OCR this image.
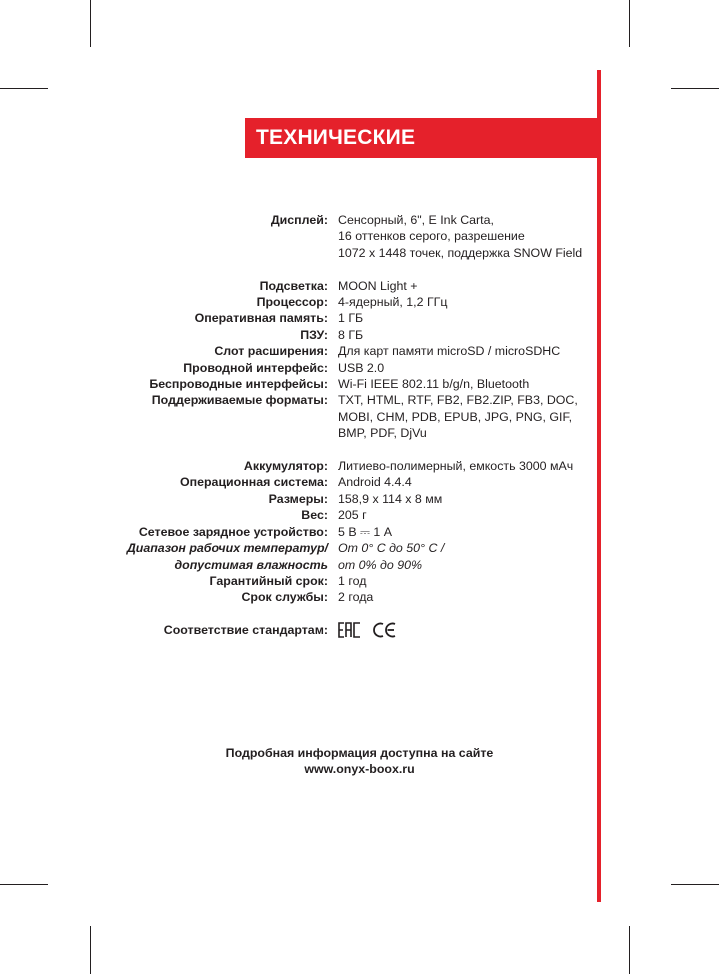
ТЕХНИЧЕСКИЕ ХАРАКТЕРИСТИКИ
Дисплей: Сенсорный, 6", E Ink Carta,
16 оттенков серого, разрешение
1072 x 1448 точек, поддержка SNOW Field
Подсветка: MOON Light +
Процессор: 4-ядерный, 1,2 ГГц
Оперативная память: 1 ГБ
ПЗУ: 8 ГБ
Слот расширения: Для карт памяти microSD / microSDHC
Проводной интерфейс: USB 2.0
Беспроводные интерфейсы: Wi-Fi IEEE 802.11 b/g/n, Bluetooth
Поддерживаемые форматы: TXT, HTML, RTF, FB2, FB2.ZIP, FB3, DOC,
MOBI, CHM, PDB, EPUB, JPG, PNG, GIF,
BMP, PDF, DjVu
Аккумулятор: Литиево-полимерный, емкость 3000 мАч
Операционная система: Android 4.4.4
Размеры: 158,9 x 114 x 8 мм
Вес: 205 г
Сетевое зарядное устройство: 5 В ⎓ 1 А
Диапазон рабочих температур/ От 0° C до 50° C /
допустимая влажность от 0% до 90%
Гарантийный срок: 1 год
Срок службы: 2 года
Соответствие стандартам:
Подробная информация доступна на сайте
www.onyx-boox.ru
